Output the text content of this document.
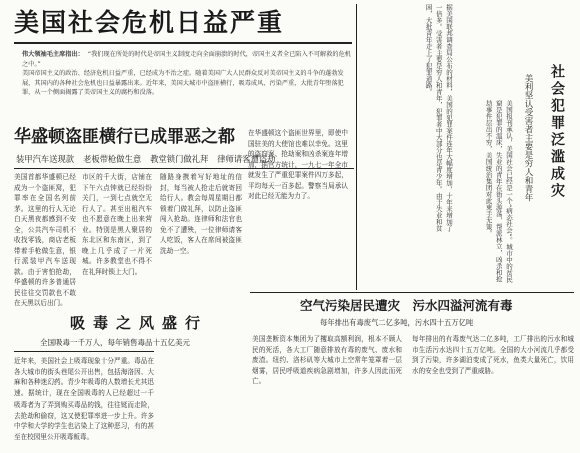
美国社会危机日益严重
伟大领袖毛主席指出： “我们现在所处的时代是帝国主义制度走向全面崩溃的时代，帝国主义者全已陷入不可解救的危机之中。”
美国帝国主义的政治、经济危机日益严重，已经成为不治之症。随着美国广大人民群众反对美帝国主义的斗争的蓬勃发展，其国内的各种社会危机也日益暴露出来。近年来，美国大城市中盗匪横行，吸毒成风，污染严重，大批青年堕落犯罪，从一个侧面揭露了美帝国主义的腐朽和没落。
华盛顿盗匪横行已成罪恶之都
装甲汽车送现款 老板带枪做生意 教堂锁门做礼拜 律师请客遭盗劫
美国首都华盛顿已经成为一个盗匪窝，犯罪率在全国名列前茅。这里的行人无论白天黑夜都感到不安全，公共汽车司机不收找零钱，商店老板带着手枪做生意，银行派装甲汽车送现款。由于害怕抢劫，华盛顿的许多普通居民往往交罚款也不敢在天黑以后出门。
市区的千大街，店铺在下午六点钟就已经纷纷关门，一到七点就空无行人了。甚至出租汽车也不愿意在晚上出来营业。特别是黑人聚居的东北区和东南区，到了晚上几乎成了一片死城。许多教堂也不得不在礼拜时锁上大门。
随路身携着写好地址的信封，每当被人抢走后就寄回给行人。教会每周星期日都锁着门做礼拜，以防止盗匪闯入抢劫。连律师和法官也免不了遭殃，一位律师请客人吃饭，客人在席间被盗匪洗劫一空。
在华盛顿这个盗匪世界里，即使中国驻美的大使馆也难以幸免。这里的盗窃案、抢劫案和凶杀案连年增加，据官方统计，一九七一年全市就发生了严重犯罪案件四万多起，平均每天一百多起。警察当局承认对此已经无能为力了。
吸毒之风盛行
全国吸毒一千万人，每年销售毒品十五亿美元
近年来，美国社会上吸毒现象十分严重。毒品在各大城市的街头巷尾公开出售，包括海洛因、大麻和各种迷幻药。青少年吸毒的人数增长尤其迅速。据统计，现在全国吸毒的人已经超过一千
吸毒者为了弄到购买毒品的钱，往往铤而走险，去抢劫和偷窃，这又使犯罪率进一步上升。许多中学和大学的学生也沾染上了这种恶习，有的甚至在校园里公开吸毒贩毒。
空气污染居民遭灾　污水四溢河流有毒
每年排出有毒废气二亿多吨，污水四十五万亿吨
美国垄断资本集团为了攫取高额利润，根本不顾人民的死活，各大工厂随意排放有毒的废气、废水和废渣。纽约、洛杉矶等大城市上空常年笼罩着一层烟雾，居民呼吸道疾病急剧增加，许多人因此而死亡。
每年排出的有毒废气达二亿多吨，工厂排出的污水和城市生活污水达四十五万亿吨。全国的大小河流几乎都受到了污染，许多湖泊变成了死水，鱼类大量死亡，饮用水的安全也受到了严重威胁。
据美国联邦调查局公布的材料，美国的犯罪案件连年大幅度增加，十年来增加了一倍多。受害者主要是穷人和青年，犯罪者中大部分也是青少年。由于失业和贫困，大批青年走上了犯罪道路。
美国报刊承认，美国社会已经是一个“病态社会”。城市中的贫民窟是犯罪的温床，失业的青年在街头游荡，帮派林立，凶杀和抢劫事件层出不穷，美国统治集团对此束手无策。	社会犯罪泛滥成灾
美利坚认受害者主要是穷人和青年
